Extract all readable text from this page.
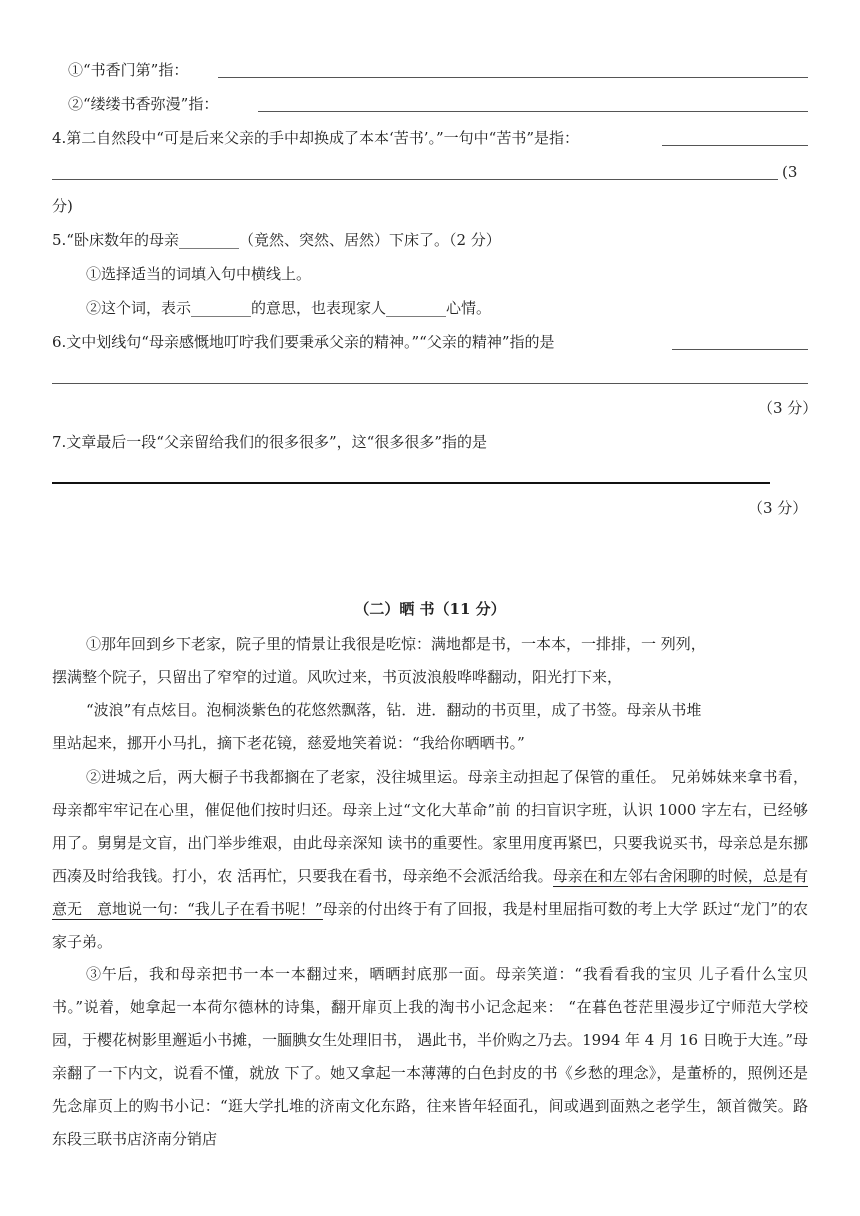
①“书香门第”指：
②“缕缕书香弥漫”指：
4.第二自然段中“可是后来父亲的手中却换成了本本‘苦书’。”一句中“苦书”是指：
(3
分)
5.“卧床数年的母亲________（竟然、突然、居然）下床了。（2 分）
①选择适当的词填入句中横线上。
②这个词，表示________的意思，也表现家人________心情。
6.文中划线句“母亲感慨地叮咛我们要秉承父亲的精神。”“父亲的精神”指的是
（3 分）
7.文章最后一段“父亲留给我们的很多很多”，这“很多很多”指的是
（3 分）
（二）晒 书（11 分）
①那年回到乡下老家，院子里的情景让我很是吃惊：满地都是书，一本本，一排排，一 列列，
摆满整个院子，只留出了窄窄的过道。风吹过来，书页波浪般哗哗翻动，阳光打下来，
“波浪”有点炫目。泡桐淡紫色的花悠然飘落，钻．进．翻动的书页里，成了书签。母亲从书堆
里站起来，挪开小马扎，摘下老花镜，慈爱地笑着说：“我给你晒晒书。”
②进城之后，两大橱子书我都搁在了老家，没往城里运。母亲主动担起了保管的重任。 兄弟姊妹来拿书看，母亲都牢牢记在心里，催促他们按时归还。母亲上过“文化大革命”前 的扫盲识字班，认识 1000 字左右，已经够用了。舅舅是文盲，出门举步维艰，由此母亲深知 读书的重要性。家里用度再紧巴，只要我说买书，母亲总是东挪西凑及时给我钱。打小，农 活再忙，只要我在看书，母亲绝不会派活给我。母亲在和左邻右舍闲聊的时候，总是有意无　意地说一句：“我儿子在看书呢！”母亲的付出终于有了回报，我是村里屈指可数的考上大学 跃过“龙门”的农家子弟。
③午后，我和母亲把书一本一本翻过来，晒晒封底那一面。母亲笑道：“我看看我的宝贝 儿子看什么宝贝书。”说着，她拿起一本荷尔德林的诗集，翻开扉页上我的淘书小记念起来： “在暮色苍茫里漫步辽宁师范大学校园，于樱花树影里邂逅小书摊，一腼腆女生处理旧书， 遇此书，半价购之乃去。1994 年 4 月 16 日晚于大连。”母亲翻了一下内文，说看不懂，就放 下了。她又拿起一本薄薄的白色封皮的书《乡愁的理念》，是董桥的，照例还是先念扉页上的购书小记：“逛大学扎堆的济南文化东路，往来皆年轻面孔，间或遇到面熟之老学生，颔首微笑。路东段三联书店济南分销店
